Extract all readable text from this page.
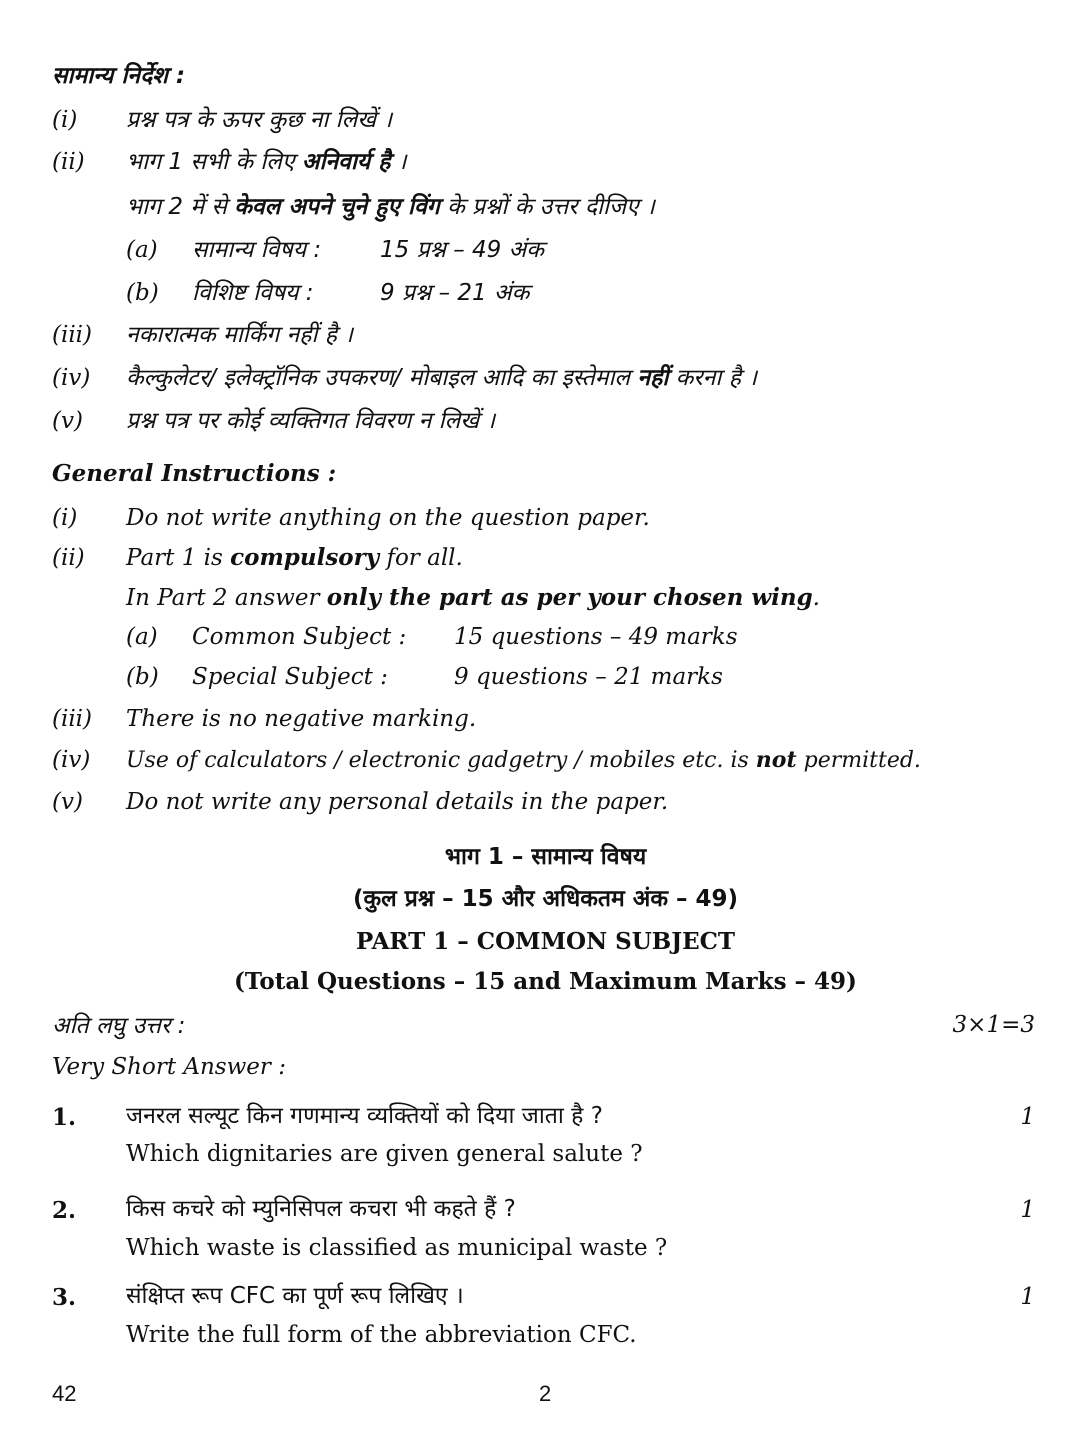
सामान्य निर्देश :
(i) प्रश्न पत्र के ऊपर कुछ ना लिखें ।
(ii) भाग 1 सभी के लिए अनिवार्य है ।
भाग 2 में से केवल अपने चुने हुए विंग के प्रश्नों के उत्तर दीजिए ।
(a) सामान्य विषय :	15 प्रश्न – 49 अंक
(b) विशिष्ट विषय :	9 प्रश्न – 21 अंक
(iii) नकारात्मक मार्किंग नहीं है ।
(iv) कैल्कुलेटर/ इलेक्ट्रॉनिक उपकरण/ मोबाइल आदि का इस्तेमाल नहीं करना है ।
(v) प्रश्न पत्र पर कोई व्यक्तिगत विवरण न लिखें ।
General Instructions :
(i) Do not write anything on the question paper.
(ii) Part 1 is compulsory for all.
In Part 2 answer only the part as per your chosen wing.
(a) Common Subject : 15 questions – 49 marks
(b) Special Subject :	9 questions – 21 marks
(iii) There is no negative marking.
(iv) Use of calculators / electronic gadgetry / mobiles etc. is not permitted.
(v) Do not write any personal details in the paper.
भाग 1 – सामान्य विषय
(कुल प्रश्न – 15 और अधिकतम अंक – 49)
PART 1 – COMMON SUBJECT
(Total Questions – 15 and Maximum Marks – 49)
अति लघु उत्तर :	3×1=3
Very Short Answer :
1. जनरल सल्यूट किन गणमान्य व्यक्तियों को दिया जाता है ?	1
Which dignitaries are given general salute ?
2. किस कचरे को म्युनिसिपल कचरा भी कहते हैं ?	1
Which waste is classified as municipal waste ?
3. संक्षिप्त रूप CFC का पूर्ण रूप लिखिए ।	1
Write the full form of the abbreviation CFC.
42	2
